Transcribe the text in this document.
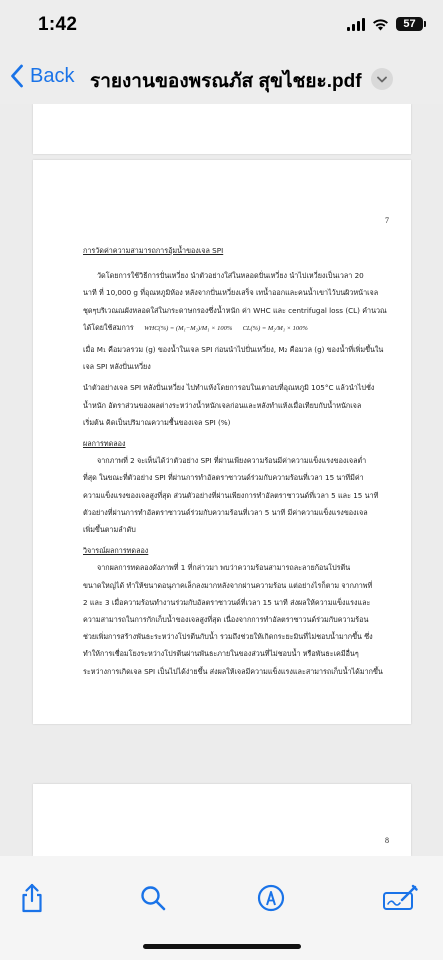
1:42	57
Back รายงานของพรณภัส สุขไชยะ.pdf
7
การวัดค่าความสามารถการอุ้มน้ำของเจล SPI
วัดโดยการใช้วิธีการปั่นเหวี่ยง นำตัวอย่างใส่ในหลอดปั่นเหวี่ยง นำไปเหวี่ยงเป็นเวลา 20
นาที ที่ 10,000 g ที่อุณหภูมิห้อง หลังจากปั่นเหวี่ยงเสร็จ เทน้ำออกและคนน้ำเขาไว้บนผิวหน้าเจล
ชุดๆบริเวณณผังหลอดใส่ในกระดาษกรองซึ่งน้ำหนัก ค่า WHC และ centrifugal loss (CL) คำนวณ
ได้โดยใช้สมการ WHC(%) = (M₁−M₂)/M₁ × 100% CL(%) = M₂/M₁ × 100%
เมื่อ M₁ คือมวลรวม (g) ของน้ำในเจล SPI ก่อนนำไปปั่นเหวี่ยง, M₂ คือมวล (g) ของน้ำที่เพิ่มขึ้นใน
เจล SPI หลังปั่นเหวี่ยง
นำตัวอย่างเจล SPI หลังปั่นเหวี่ยง ไปทำแห้งโดยการอบในเตาอบที่อุณหภูมิ 105°C แล้วนำไปชั่ง
น้ำหนัก อัตราส่วนของผลต่างระหว่างน้ำหนักเจลก่อนและหลังทำแห้งเมื่อเทียบกับน้ำหนักเจล
เริ่มต้น คิดเป็นปริมาณความชื้นของเจล SPI (%)
ผลการทดลอง
จากภาพที่ 2 จะเห็นได้ว่าตัวอย่าง SPI ที่ผ่านเพียงความร้อนมีค่าความแข็งแรงของเจลต่ำ
ที่สุด ในขณะที่ตัวอย่าง SPI ที่ผ่านการทำอัลตราซาวนด์ร่วมกับความร้อนที่เวลา 15 นาทีมีค่า
ความแข็งแรงของเจลสูงที่สุด ส่วนตัวอย่างที่ผ่านเพียงการทำอัลตราซาวนด์ที่เวลา 5 และ 15 นาที
ตัวอย่างที่ผ่านการทำอัลตราซาวนด์ร่วมกับความร้อนที่เวลา 5 นาที มีค่าความแข็งแรงของเจล
เพิ่มขึ้นตามลำดับ
วิจารณ์ผลการทดลอง
จากผลการทดลองดังภาพที่ 1 ที่กล่าวมา พบว่าความร้อนสามารถละลายก้อนโปรตีน
ขนาดใหญ่ได้ ทำให้ขนาดอนุภาคเล็กลงมากหลังจากผ่านความร้อน แต่อย่างไรก็ตาม จากภาพที่
2 และ 3 เมื่อความร้อนทำงานร่วมกับอัลตราซาวนด์ที่เวลา 15 นาที ส่งผลให้ความแข็งแรงและ
ความสามารถในการกักเก็บน้ำของเจลสูงที่สุด เนื่องจากการทำอัลตราซาวนด์ร่วมกับความร้อน
ช่วยเพิ่มการสร้างพันธะระหว่างโปรตีนกับน้ำ รวมถึงช่วยให้เกิดกระยะมินที่ไม่ชอบน้ำมากขึ้น ซึ่ง
ทำให้การเชื่อมโยงระหว่างโปรตีนผ่านพันธะภายในของส่วนที่ไม่ชอบน้ำ หรือพันธะเคมีอื่นๆ
ระหว่างการเกิดเจล SPI เป็นไปได้ง่ายขึ้น ส่งผลให้เจลมีความแข็งแรงและสามารถเก็บน้ำได้มากขึ้น
8
